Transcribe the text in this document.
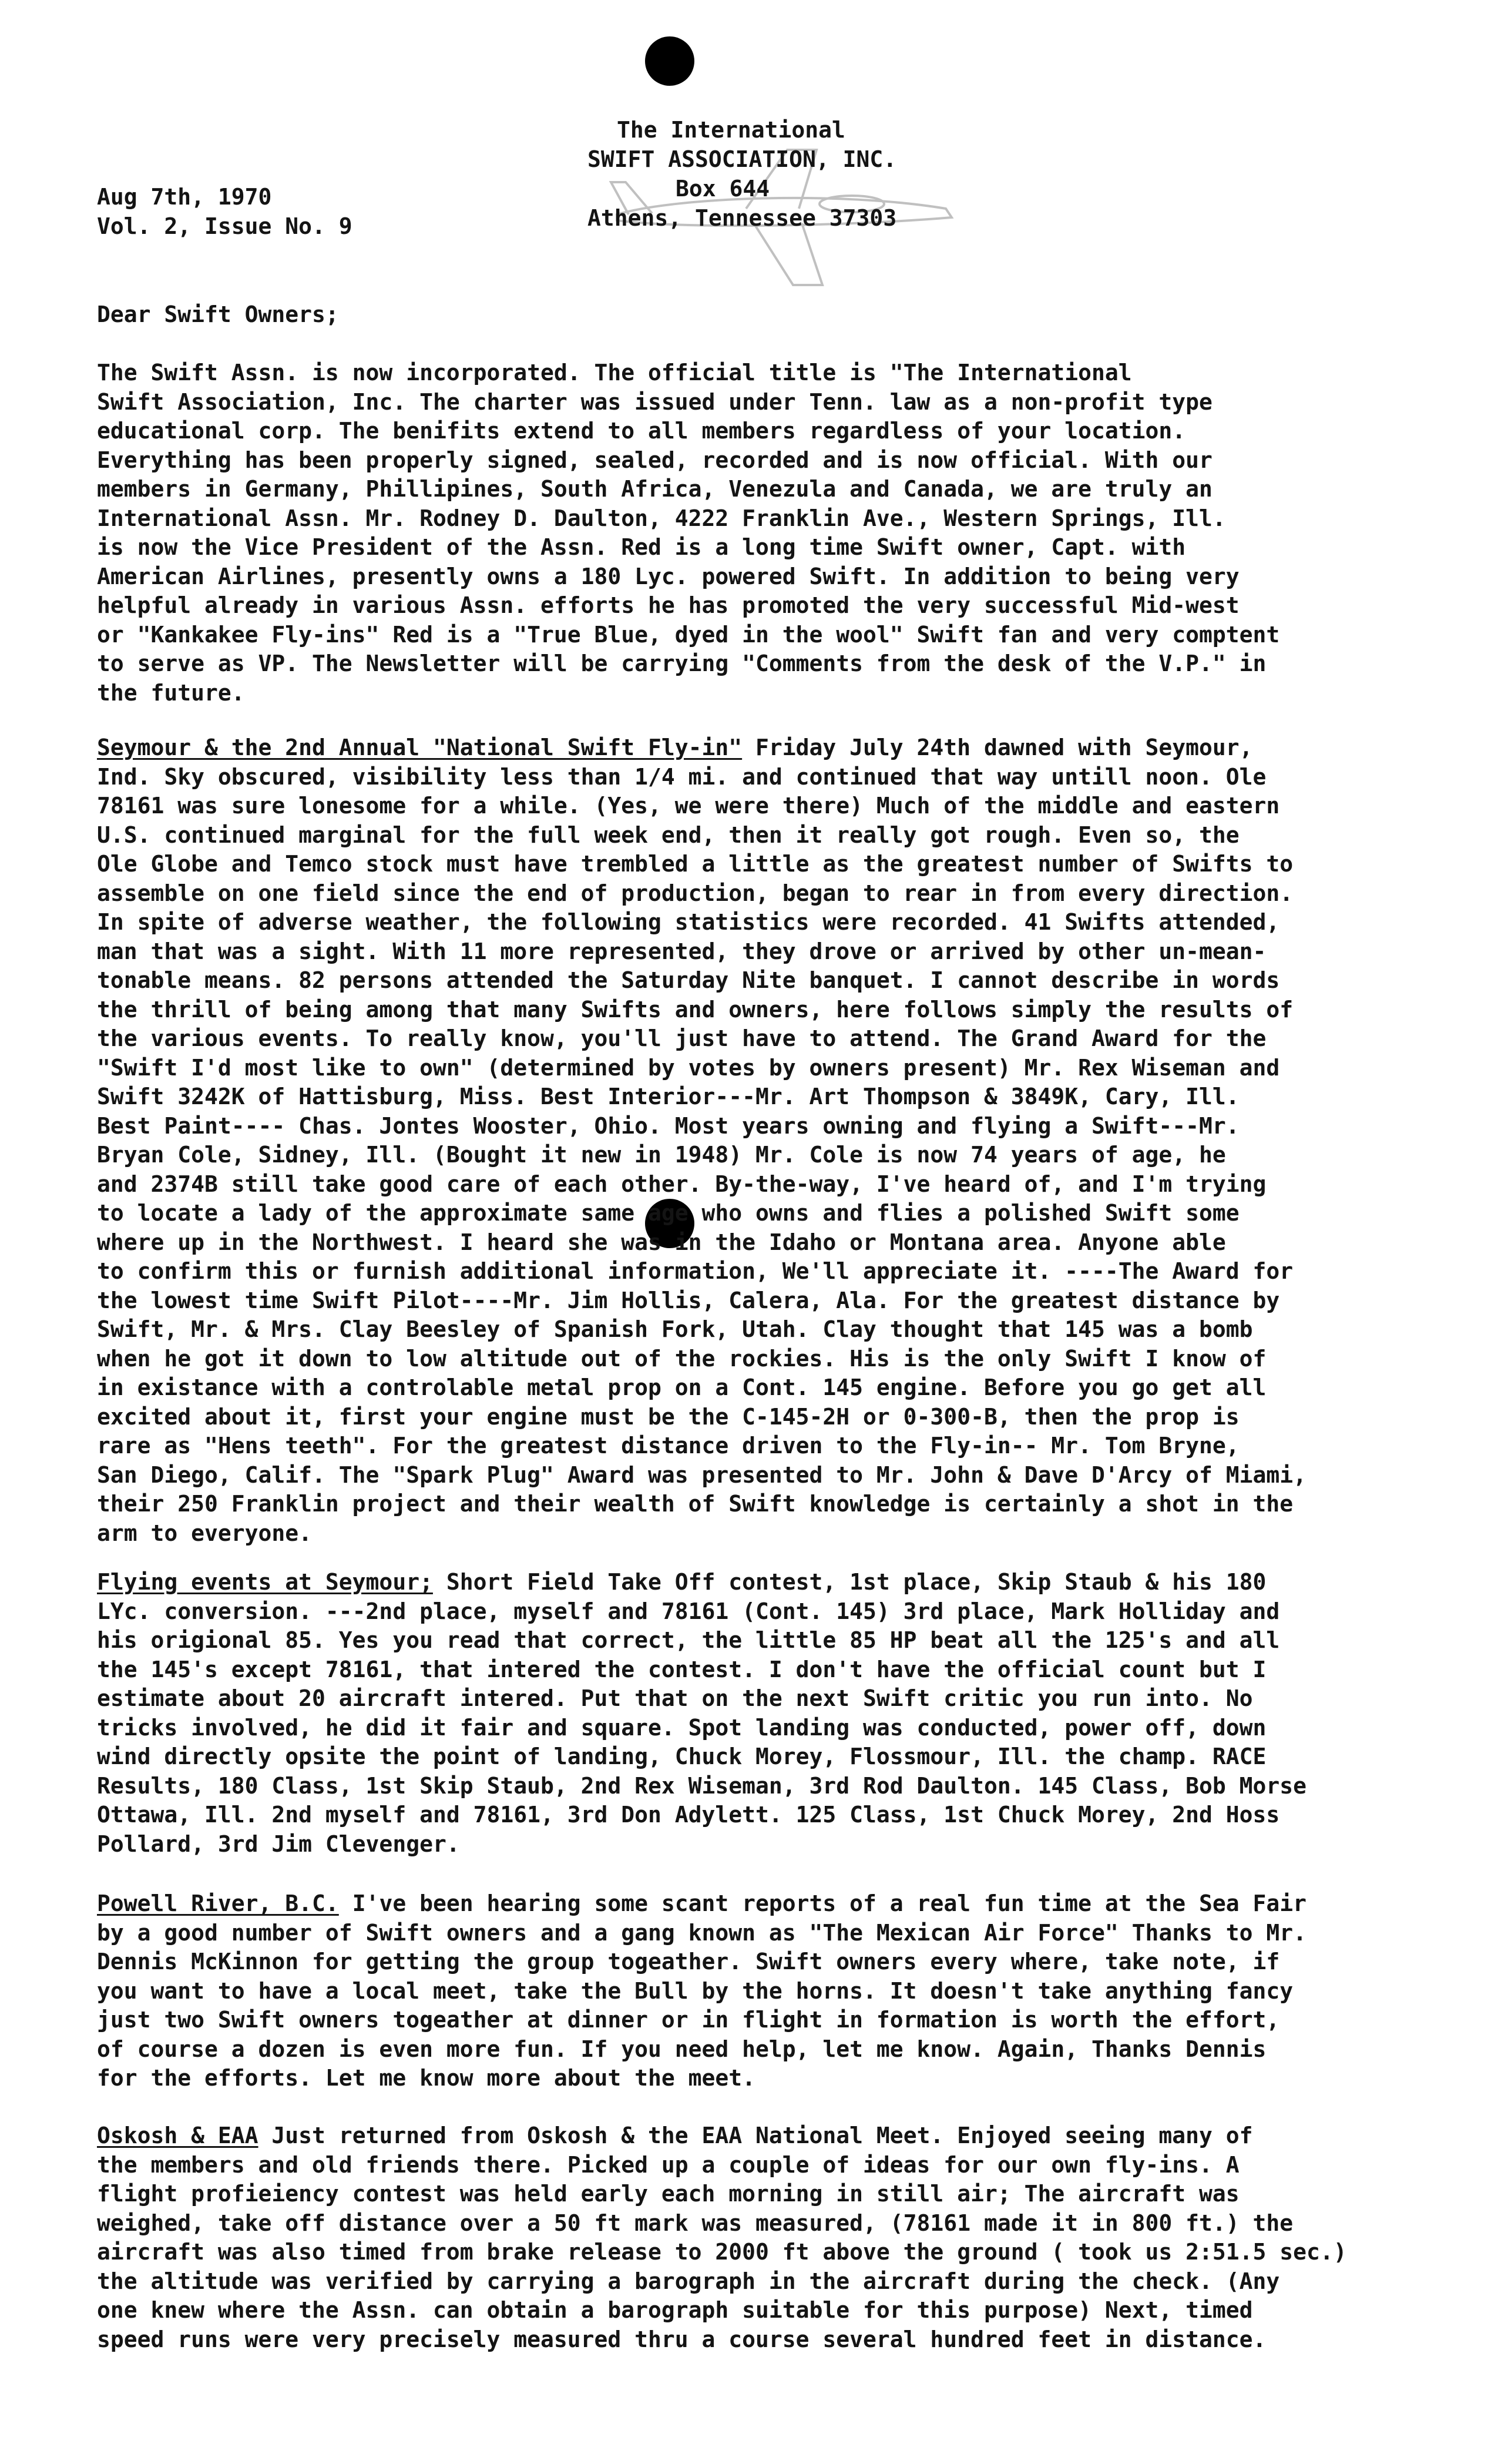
The International
SWIFT ASSOCIATION, INC.
Box 644
Athens, Tennessee 37303
Aug 7th, 1970
Vol. 2, Issue No. 9
Dear Swift Owners;
The Swift Assn. is now incorporated. The official title is "The International
Swift Association, Inc. The charter was issued under Tenn. law as a non-profit type
educational corp. The benifits extend to all members regardless of your location.
Everything has been properly signed, sealed, recorded and is now official. With our
members in Germany, Phillipines, South Africa, Venezula and Canada, we are truly an
International Assn. Mr. Rodney D. Daulton, 4222 Franklin Ave., Western Springs, Ill.
is now the Vice President of the Assn. Red is a long time Swift owner, Capt. with
American Airlines, presently owns a 180 Lyc. powered Swift. In addition to being very
helpful already in various Assn. efforts he has promoted the very successful Mid-west
or "Kankakee Fly-ins" Red is a "True Blue, dyed in the wool" Swift fan and very comptent
to serve as VP. The Newsletter will be carrying "Comments from the desk of the V.P." in
the future.
Seymour & the 2nd Annual "National Swift Fly-in" Friday July 24th dawned with Seymour,
Ind. Sky obscured, visibility less than 1/4 mi. and continued that way untill noon. Ole
78161 was sure lonesome for a while. (Yes, we were there) Much of the middle and eastern
U.S. continued marginal for the full week end, then it really got rough. Even so, the
Ole Globe and Temco stock must have trembled a little as the greatest number of Swifts to
assemble on one field since the end of production, began to rear in from every direction.
In spite of adverse weather, the following statistics were recorded. 41 Swifts attended,
man that was a sight. With 11 more represented, they drove or arrived by other un-mean-
tonable means. 82 persons attended the Saturday Nite banquet. I cannot describe in words
the thrill of being among that many Swifts and owners, here follows simply the results of
the various events. To really know, you'll just have to attend. The Grand Award for the
"Swift I'd most like to own" (determined by votes by owners present) Mr. Rex Wiseman and
Swift 3242K of Hattisburg, Miss. Best Interior---Mr. Art Thompson & 3849K, Cary, Ill.
Best Paint---- Chas. Jontes Wooster, Ohio. Most years owning and flying a Swift---Mr.
Bryan Cole, Sidney, Ill. (Bought it new in 1948) Mr. Cole is now 74 years of age, he
and 2374B still take good care of each other. By-the-way, I've heard of, and I'm trying
to locate a lady of the approximate same age who owns and flies a polished Swift some
where up in the Northwest. I heard she was in the Idaho or Montana area. Anyone able
to confirm this or furnish additional information, We'll appreciate it. ----The Award for
the lowest time Swift Pilot----Mr. Jim Hollis, Calera, Ala. For the greatest distance by
Swift, Mr. & Mrs. Clay Beesley of Spanish Fork, Utah. Clay thought that 145 was a bomb
when he got it down to low altitude out of the rockies. His is the only Swift I know of
in existance with a controlable metal prop on a Cont. 145 engine. Before you go get all
excited about it, first your engine must be the C-145-2H or 0-300-B, then the prop is
rare as "Hens teeth". For the greatest distance driven to the Fly-in-- Mr. Tom Bryne,
San Diego, Calif. The "Spark Plug" Award was presented to Mr. John & Dave D'Arcy of Miami,
their 250 Franklin project and their wealth of Swift knowledge is certainly a shot in the
arm to everyone.
Flying events at Seymour; Short Field Take Off contest, 1st place, Skip Staub & his 180
LYc. conversion. ---2nd place, myself and 78161 (Cont. 145) 3rd place, Mark Holliday and
his origional 85. Yes you read that correct, the little 85 HP beat all the 125's and all
the 145's except 78161, that intered the contest. I don't have the official count but I
estimate about 20 aircraft intered. Put that on the next Swift critic you run into. No
tricks involved, he did it fair and square. Spot landing was conducted, power off, down
wind directly opsite the point of landing, Chuck Morey, Flossmour, Ill. the champ. RACE
Results, 180 Class, 1st Skip Staub, 2nd Rex Wiseman, 3rd Rod Daulton. 145 Class, Bob Morse
Ottawa, Ill. 2nd myself and 78161, 3rd Don Adylett. 125 Class, 1st Chuck Morey, 2nd Hoss
Pollard, 3rd Jim Clevenger.
Powell River, B.C. I've been hearing some scant reports of a real fun time at the Sea Fair
by a good number of Swift owners and a gang known as "The Mexican Air Force" Thanks to Mr.
Dennis McKinnon for getting the group togeather. Swift owners every where, take note, if
you want to have a local meet, take the Bull by the horns. It doesn't take anything fancy
just two Swift owners togeather at dinner or in flight in formation is worth the effort,
of course a dozen is even more fun. If you need help, let me know. Again, Thanks Dennis
for the efforts. Let me know more about the meet.
Oskosh & EAA Just returned from Oskosh & the EAA National Meet. Enjoyed seeing many of
the members and old friends there. Picked up a couple of ideas for our own fly-ins. A
flight profieiency contest was held early each morning in still air; The aircraft was
weighed, take off distance over a 50 ft mark was measured, (78161 made it in 800 ft.) the
aircraft was also timed from brake release to 2000 ft above the ground ( took us 2:51.5 sec.)
the altitude was verified by carrying a barograph in the aircraft during the check. (Any
one knew where the Assn. can obtain a barograph suitable for this purpose) Next, timed
speed runs were very precisely measured thru a course several hundred feet in distance.
